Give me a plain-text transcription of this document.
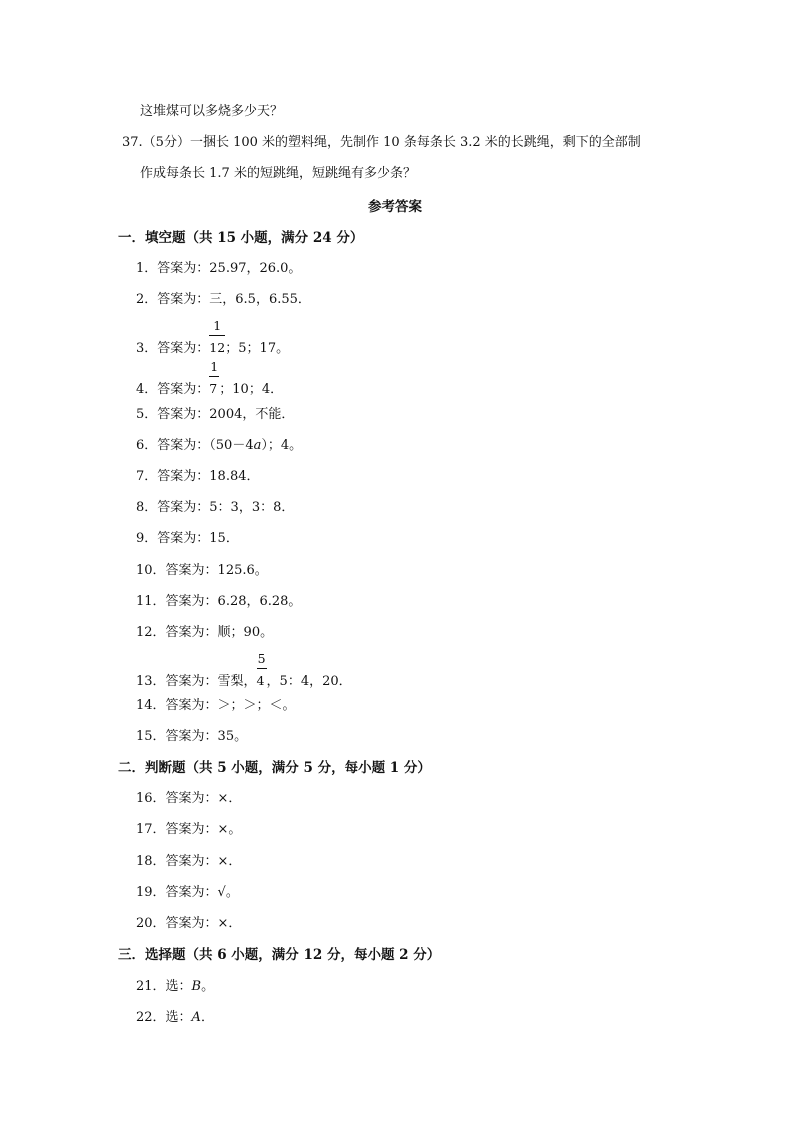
这堆煤可以多烧多少天？
37.（5分）一捆长 100 米的塑料绳，先制作 10 条每条长 3.2 米的长跳绳，剩下的全部制
作成每条长 1.7 米的短跳绳，短跳绳有多少条？
参考答案
一．填空题（共 15 小题，满分 24 分）
1．答案为：25.97，26.0。
2．答案为：三，6.5，6.55．
3．答案为： $\frac{1}{12}$；5；17。
4．答案为： $\frac{1}{7}$；10；4．
5．答案为：2004，不能．
6．答案为：（50－4a）；4。
7．答案为：18.84．
8．答案为：5：3，3：8．
9．答案为：15．
10．答案为：125.6。
11．答案为：6.28，6.28。
12．答案为：顺；90。
13．答案为：雪梨， $\frac{5}{4}$，5：4，20．
14．答案为：＞；＞；＜。
15．答案为：35。
二．判断题（共 5 小题，满分 5 分，每小题 1 分）
16．答案为：×．
17．答案为：×。
18．答案为：×．
19．答案为：√。
20．答案为：×．
三．选择题（共 6 小题，满分 12 分，每小题 2 分）
21．选：B。
22．选：A．
